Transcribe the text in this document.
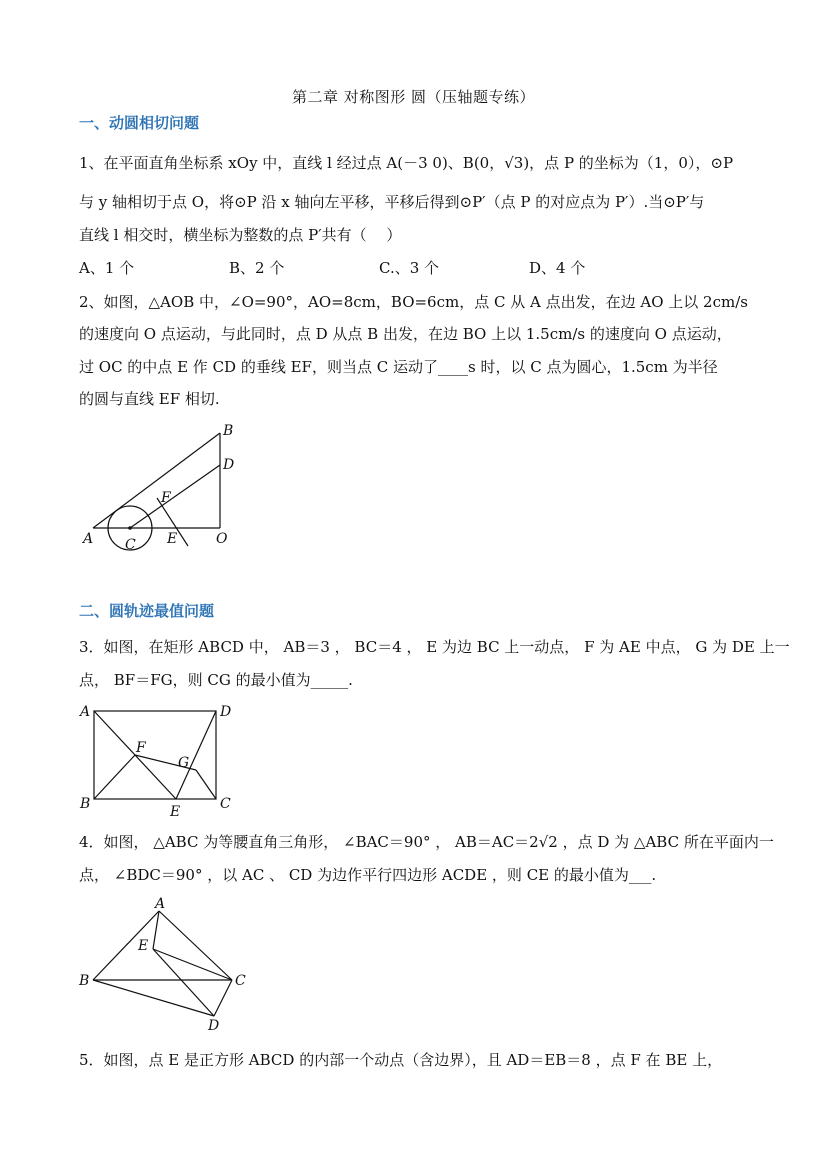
第二章 对称图形 圆（压轴题专练）
一、动圆相切问题
1、在平面直角坐标系 xOy 中，直线 l 经过点 A(－3 0)、B(0，√3)，点 P 的坐标为（1，0），⊙P
与 y 轴相切于点 O，将⊙P 沿 x 轴向左平移，平移后得到⊙P′（点 P 的对应点为 P′）.当⊙P′与
直线 l 相交时，横坐标为整数的点 P′共有（　 ）
A、1 个	B、2 个	C.、3 个	D、4 个
2、如图，△AOB 中，∠O=90°，AO=8cm，BO=6cm，点 C 从 A 点出发，在边 AO 上以 2cm/s
的速度向 O 点运动，与此同时，点 D 从点 B 出发，在边 BO 上以 1.5cm/s 的速度向 O 点运动，
过 OC 的中点 E 作 CD 的垂线 EF，则当点 C 运动了____s 时，以 C 点为圆心，1.5cm 为半径
的圆与直线 EF 相切.
B
D
F
A C E	O
二、圆轨迹最值问题
3．如图，在矩形 ABCD 中， AB＝3 ， BC＝4 ， E 为边 BC 上一动点， F 为 AE 中点， G 为 DE 上一
点， BF＝FG，则 CG 的最小值为_____.
A	D
F
G
B	E	C
4．如图， △ABC 为等腰直角三角形， ∠BAC＝90° ， AB＝AC＝2√2 ，点 D 为 △ABC 所在平面内一
点， ∠BDC＝90° ，以 AC 、 CD 为边作平行四边形 ACDE ，则 CE 的最小值为___.
A
E
B	C
D
5．如图，点 E 是正方形 ABCD 的内部一个动点（含边界），且 AD＝EB＝8 ，点 F 在 BE 上，
